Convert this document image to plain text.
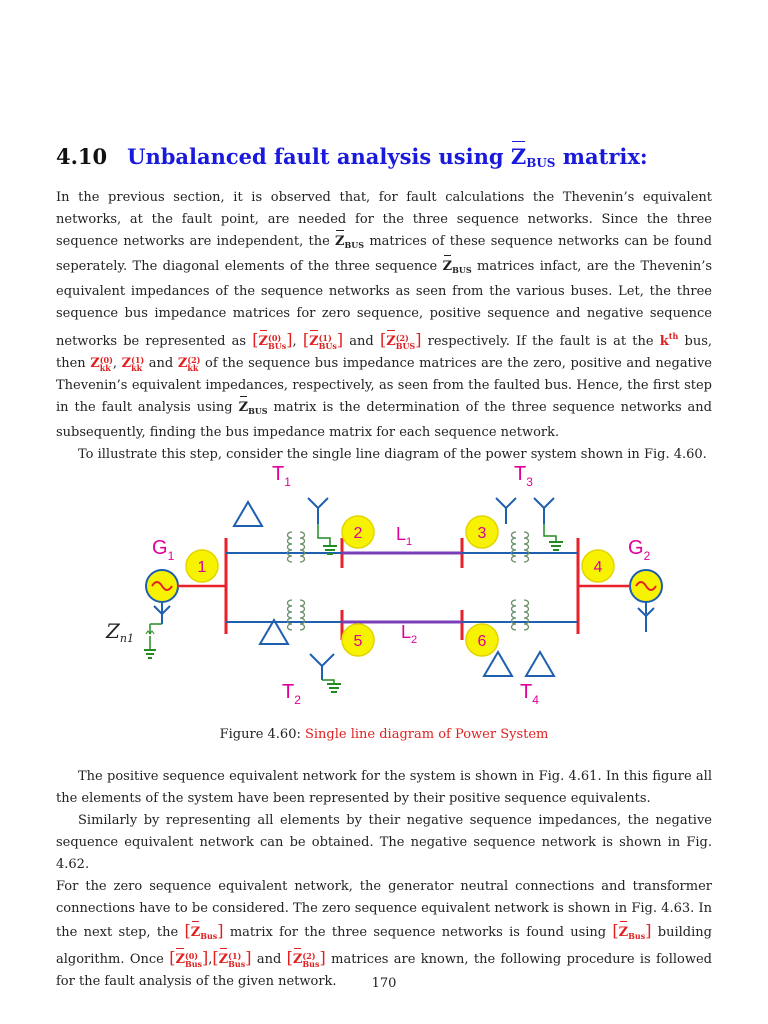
4.10 Unbalanced fault analysis using ZBUS matrix:

In the previous section, it is observed that, for fault calculations the Thevenin’s equivalent networks, at the fault point, are needed for the three sequence networks. Since the three sequence networks are independent, the
$Z_{BUS}$ matrices of these sequence networks can be found seperately. The diagonal elements of the three sequence
$Z_{BUS}$ matrices infact, are the Thevenin’s equivalent impedances of the sequence networks as seen from the various buses. Let, the three sequence bus impedance matrices for zero sequence, positive sequence and negative sequence networks be represented as [
Z (0)
BUs ], [
Z (1)
BUs ] and [
Z (2)
BUS ] respectively. If the fault is at the $k^{th}$ bus, then Z (0)
kk , Z (1)
kk and Z (2)
kk of the sequence bus impedance matrices are the zero, positive and negative Thevenin’s equivalent impedances, respectively, as seen from the faulted bus. Hence, the first step in the fault analysis using
$Z_{BUS}$ matrix is the determination of the three sequence networks and subsequently, finding the bus impedance matrix for each sequence network.

To illustrate this step, consider the single line diagram of the power system shown in Fig. 4.60.

$T_1$	$T_3$
$T_2$	$T_4$
$G_1$	$G_2$
$L_1$
$L_2$
$Z_{n1}$
1
2	3
4
5	6
Figure 4.60: Single line diagram of Power System

The positive sequence equivalent network for the system is shown in Fig. 4.61. In this figure all the elements of the system have been represented by their positive sequence equivalents.

Similarly by representing all elements by their negative sequence impedances, the negative sequence equivalent network can be obtained. The negative sequence network is shown in Fig. 4.62.

For the zero sequence equivalent network, the generator neutral connections and transformer connections have to be considered. The zero sequence equivalent network is shown in Fig. 4.63. In the next step, the [
$Z_{Bus}$] matrix for the three sequence networks is found using [
$Z_{Bus}$] building algorithm. Once [
Z (0)
Bus ],[
Z (1)
Bus ] and [
Z (2)
Bus ] matrices are known, the following procedure is followed for the fault analysis of the given network.	170
